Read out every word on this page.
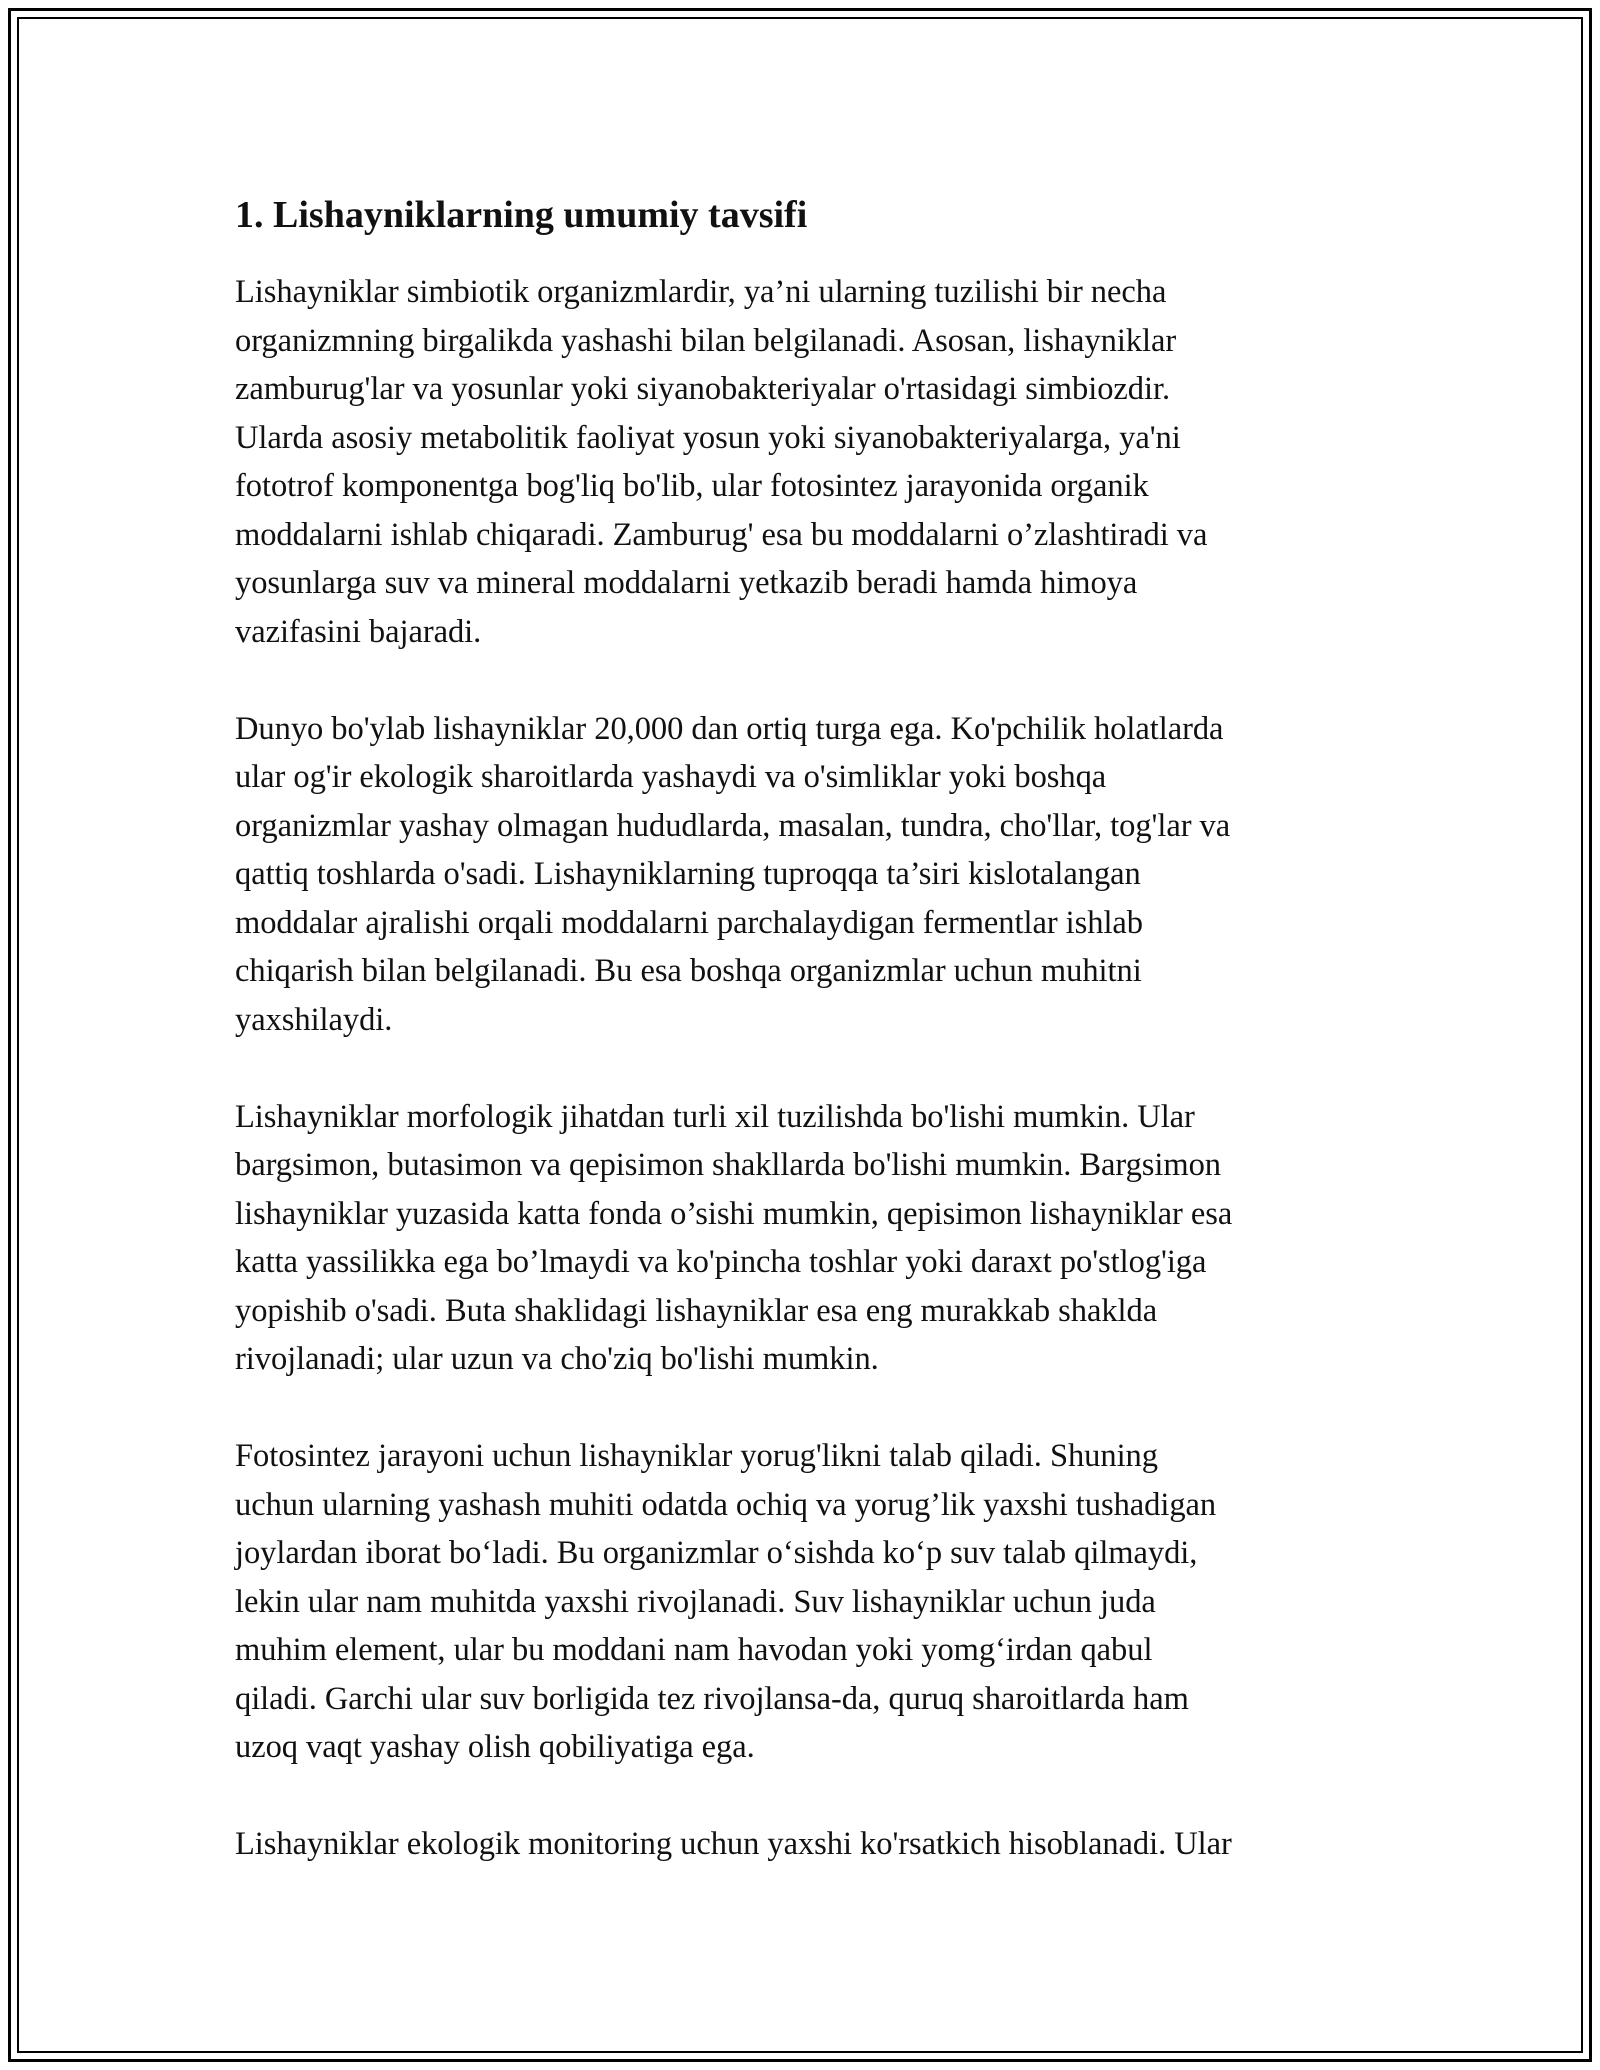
1. Lishayniklarning umumiy tavsifi

Lishayniklar simbiotik organizmlardir, ya’ni ularning tuzilishi bir necha
organizmning birgalikda yashashi bilan belgilanadi. Asosan, lishayniklar
zamburug'lar va yosunlar yoki siyanobakteriyalar o'rtasidagi simbiozdir.
Ularda asosiy metabolitik faoliyat yosun yoki siyanobakteriyalarga, ya'ni
fototrof komponentga bog'liq bo'lib, ular fotosintez jarayonida organik
moddalarni ishlab chiqaradi. Zamburug' esa bu moddalarni o’zlashtiradi va
yosunlarga suv va mineral moddalarni yetkazib beradi hamda himoya
vazifasini bajaradi.

Dunyo bo'ylab lishayniklar 20,000 dan ortiq turga ega. Ko'pchilik holatlarda
ular og'ir ekologik sharoitlarda yashaydi va o'simliklar yoki boshqa
organizmlar yashay olmagan hududlarda, masalan, tundra, cho'llar, tog'lar va
qattiq toshlarda o'sadi. Lishayniklarning tuproqqa ta’siri kislotalangan
moddalar ajralishi orqali moddalarni parchalaydigan fermentlar ishlab
chiqarish bilan belgilanadi. Bu esa boshqa organizmlar uchun muhitni
yaxshilaydi.

Lishayniklar morfologik jihatdan turli xil tuzilishda bo'lishi mumkin. Ular
bargsimon, butasimon va qepisimon shakllarda bo'lishi mumkin. Bargsimon
lishayniklar yuzasida katta fonda o’sishi mumkin, qepisimon lishayniklar esa
katta yassilikka ega bo’lmaydi va ko'pincha toshlar yoki daraxt po'stlog'iga
yopishib o'sadi. Buta shaklidagi lishayniklar esa eng murakkab shaklda
rivojlanadi; ular uzun va cho'ziq bo'lishi mumkin.

Fotosintez jarayoni uchun lishayniklar yorug'likni talab qiladi. Shuning
uchun ularning yashash muhiti odatda ochiq va yorug’lik yaxshi tushadigan
joylardan iborat bo‘ladi. Bu organizmlar o‘sishda ko‘p suv talab qilmaydi,
lekin ular nam muhitda yaxshi rivojlanadi. Suv lishayniklar uchun juda
muhim element, ular bu moddani nam havodan yoki yomg‘irdan qabul
qiladi. Garchi ular suv borligida tez rivojlansa-da, quruq sharoitlarda ham
uzoq vaqt yashay olish qobiliyatiga ega.

Lishayniklar ekologik monitoring uchun yaxshi ko'rsatkich hisoblanadi. Ular
